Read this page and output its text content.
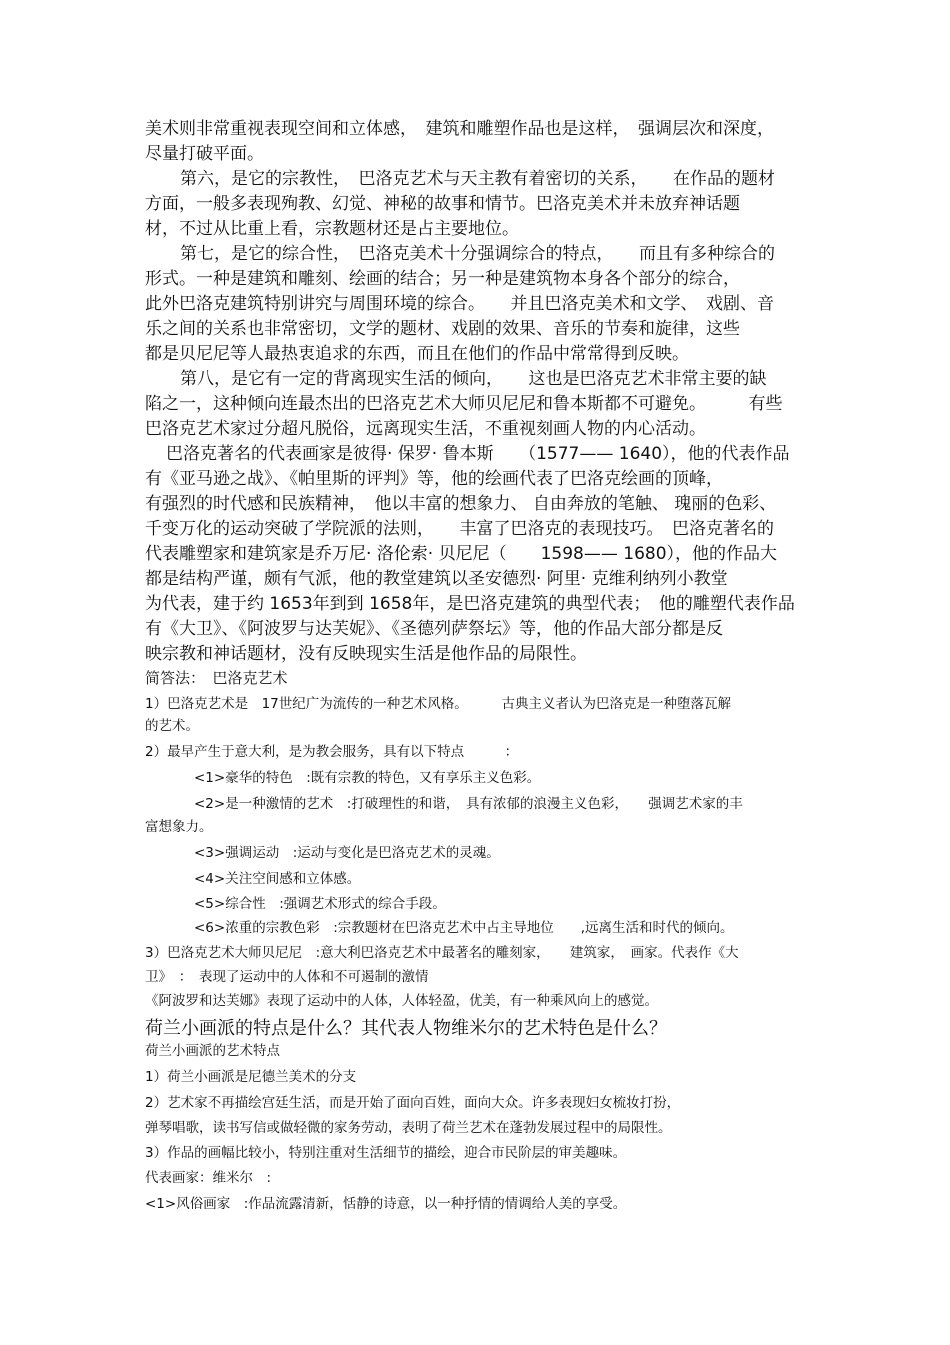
美术则非常重视表现空间和立体感，　建筑和雕塑作品也是这样，　强调层次和深度，
尽量打破平面。
第六，是它的宗教性，　巴洛克艺术与天主教有着密切的关系，　　在作品的题材
方面，一般多表现殉教、幻觉、神秘的故事和情节。巴洛克美术并未放弃神话题
材，不过从比重上看，宗教题材还是占主要地位。
第七，是它的综合性，　巴洛克美术十分强调综合的特点，　　而且有多种综合的
形式。一种是建筑和雕刻、绘画的结合；另一种是建筑物本身各个部分的综合，
此外巴洛克建筑特别讲究与周围环境的综合。　　并且巴洛克美术和文学、　戏剧、音
乐之间的关系也非常密切，文学的题材、戏剧的效果、音乐的节奏和旋律，这些
都是贝尼尼等人最热衷追求的东西，而且在他们的作品中常常得到反映。
第八，是它有一定的背离现实生活的倾向，　　这也是巴洛克艺术非常主要的缺
陷之一，这种倾向连最杰出的巴洛克艺术大师贝尼尼和鲁本斯都不可避免。　　　有些
巴洛克艺术家过分超凡脱俗，远离现实生活，不重视刻画人物的内心活动。
巴洛克著名的代表画家是彼得· 保罗· 鲁本斯　　（1577—— 1640），他的代表作品
有《亚马逊之战》、《帕里斯的评判》等，他的绘画代表了巴洛克绘画的顶峰，
有强烈的时代感和民族精神，　他以丰富的想象力、 自由奔放的笔触、 瑰丽的色彩、
千变万化的运动突破了学院派的法则，　　丰富了巴洛克的表现技巧。　巴洛克著名的
代表雕塑家和建筑家是乔万尼· 洛伦索· 贝尼尼（　　1598—— 1680），他的作品大
都是结构严谨，颇有气派，他的教堂建筑以圣安德烈· 阿里· 克维利纳列小教堂
为代表，建于约 1653年到到 1658年，是巴洛克建筑的典型代表；　他的雕塑代表作品
有《大卫》、《阿波罗与达芙妮》、《圣德列萨祭坛》等，他的作品大部分都是反
映宗教和神话题材，没有反映现实生活是他作品的局限性。
简答法：　巴洛克艺术
1）巴洛克艺术是　17世纪广为流传的一种艺术风格。　　　古典主义者认为巴洛克是一种堕落瓦解
的艺术。
2）最早产生于意大利，是为教会服务，具有以下特点　　　：
<1>豪华的特色　:既有宗教的特色，又有享乐主义色彩。
<2>是一种激情的艺术　:打破理性的和谐，　具有浓郁的浪漫主义色彩，　　强调艺术家的丰
富想象力。
<3>强调运动　:运动与变化是巴洛克艺术的灵魂。
<4>关注空间感和立体感。
<5>综合性　:强调艺术形式的综合手段。
<6>浓重的宗教色彩　:宗教题材在巴洛克艺术中占主导地位　　,远离生活和时代的倾向。
3）巴洛克艺术大师贝尼尼　:意大利巴洛克艺术中最著名的雕刻家，　　建筑家，　画家。代表作《大
卫》　：　表现了运动中的人体和不可遏制的激情
《阿波罗和达芙娜》表现了运动中的人体，人体轻盈，优美，有一种乘风向上的感觉。
荷兰小画派的特点是什么？其代表人物维米尔的艺术特色是什么？
荷兰小画派的艺术特点
1）荷兰小画派是尼德兰美术的分支
2）艺术家不再描绘宫廷生活，而是开始了面向百姓，面向大众。许多表现妇女梳妆打扮，
弹琴唱歌，读书写信或做轻微的家务劳动，表明了荷兰艺术在蓬勃发展过程中的局限性。
3）作品的画幅比较小，特别注重对生活细节的描绘，迎合市民阶层的审美趣味。
代表画家：维米尔　:
<1>风俗画家　:作品流露清新，恬静的诗意，以一种抒情的情调给人美的享受。
